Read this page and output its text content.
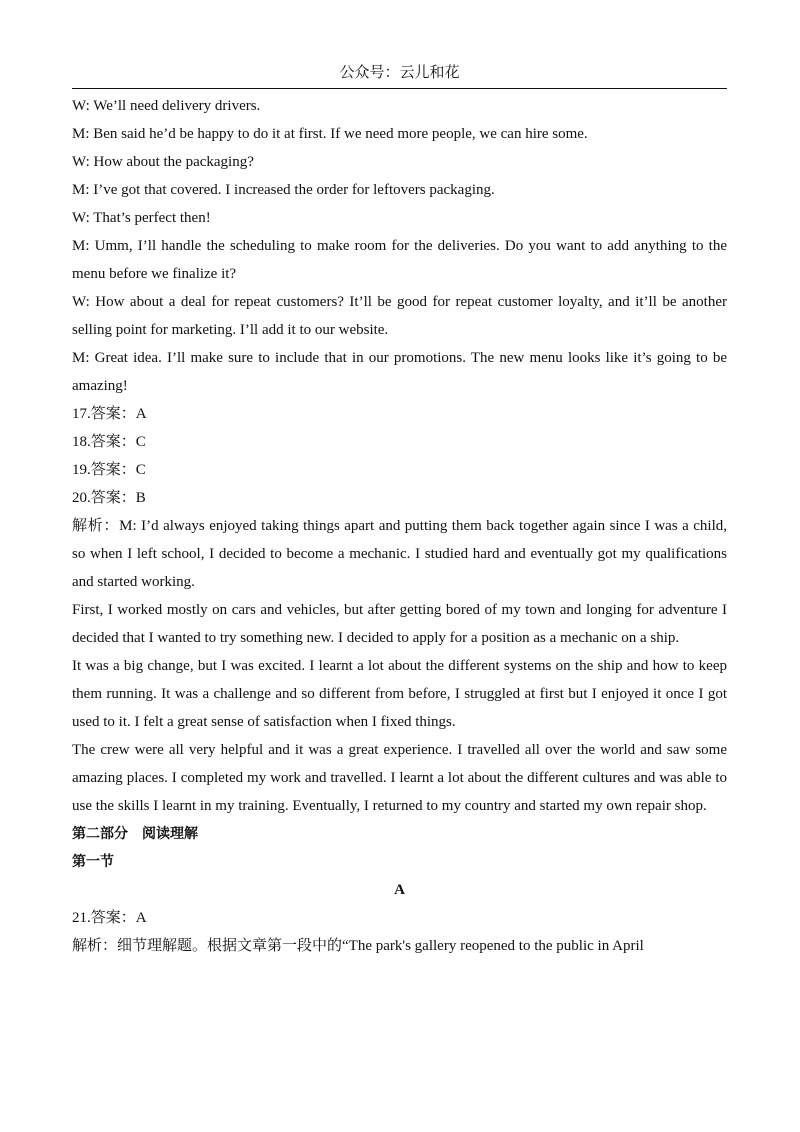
公众号：云儿和花

W: We’ll need delivery drivers.

M: Ben said he’d be happy to do it at first. If we need more people, we can hire some.

W: How about the packaging?

M: I’ve got that covered. I increased the order for leftovers packaging.

W: That’s perfect then!

M: Umm, I’ll handle the scheduling to make room for the deliveries. Do you want to add anything to the menu before we finalize it?

W: How about a deal for repeat customers? It’ll be good for repeat customer loyalty, and it’ll be another selling point for marketing. I’ll add it to our website.

M: Great idea. I’ll make sure to include that in our promotions. The new menu looks like it’s going to be amazing!

17.答案：A

18.答案：C

19.答案：C

20.答案：B

解析：M: I’d always enjoyed taking things apart and putting them back together again since I was a child, so when I left school, I decided to become a mechanic. I studied hard and eventually got my qualifications and started working.

First, I worked mostly on cars and vehicles, but after getting bored of my town and longing for adventure I decided that I wanted to try something new. I decided to apply for a position as a mechanic on a ship.

It was a big change, but I was excited. I learnt a lot about the different systems on the ship and how to keep them running. It was a challenge and so different from before, I struggled at first but I enjoyed it once I got used to it. I felt a great sense of satisfaction when I fixed things.

The crew were all very helpful and it was a great experience. I travelled all over the world and saw some amazing places. I completed my work and travelled. I learnt a lot about the different cultures and was able to use the skills I learnt in my training. Eventually, I returned to my country and started my own repair shop.

第二部分　阅读理解

第一节

A

21.答案：A

解析：细节理解题。根据文章第一段中的“The park's gallery reopened to the public in April
